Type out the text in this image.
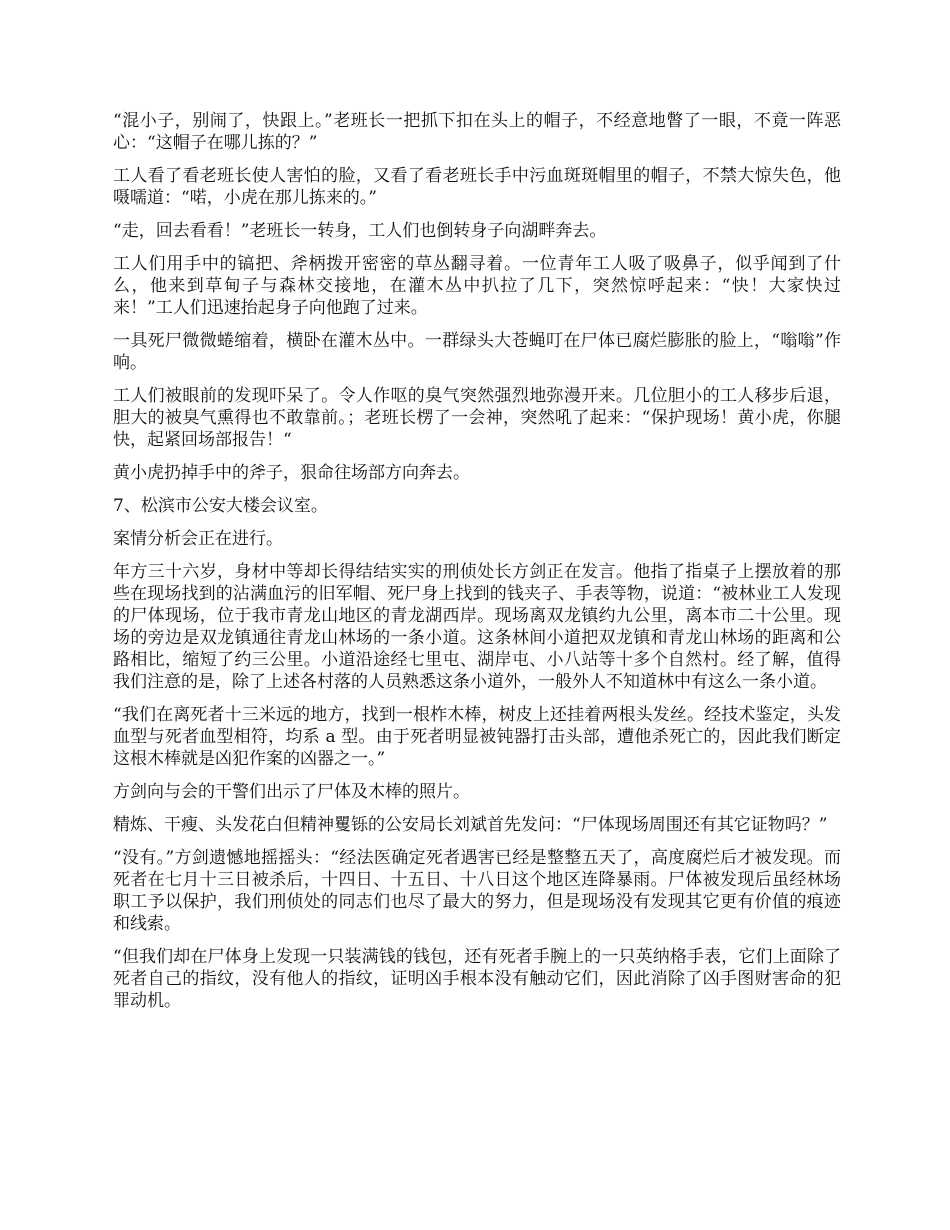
“混小子，别闹了，快跟上。”老班长一把抓下扣在头上的帽子，不经意地瞥了一眼，不竟一阵恶心：“这帽子在哪儿拣的？”

工人看了看老班长使人害怕的脸，又看了看老班长手中污血斑斑帽里的帽子，不禁大惊失色，他嗫嚅道：“喏，小虎在那儿拣来的。”

“走，回去看看！”老班长一转身，工人们也倒转身子向湖畔奔去。

工人们用手中的镐把、斧柄拨开密密的草丛翻寻着。一位青年工人吸了吸鼻子，似乎闻到了什么，他来到草甸子与森林交接地，在灌木丛中扒拉了几下，突然惊呼起来：“快！大家快过来！”工人们迅速抬起身子向他跑了过来。

一具死尸微微蜷缩着，横卧在灌木丛中。一群绿头大苍蝇叮在尸体已腐烂膨胀的脸上，“嗡嗡”作响。

工人们被眼前的发现吓呆了。令人作呕的臭气突然强烈地弥漫开来。几位胆小的工人移步后退，胆大的被臭气熏得也不敢靠前。；老班长楞了一会神，突然吼了起来：“保护现场！黄小虎，你腿快，起紧回场部报告！“

黄小虎扔掉手中的斧子，狠命往场部方向奔去。

7、松滨市公安大楼会议室。

案情分析会正在进行。

年方三十六岁，身材中等却长得结结实实的刑侦处长方剑正在发言。他指了指桌子上摆放着的那些在现场找到的沾满血污的旧军帽、死尸身上找到的钱夹子、手表等物，说道：“被林业工人发现的尸体现场，位于我市青龙山地区的青龙湖西岸。现场离双龙镇约九公里，离本市二十公里。现场的旁边是双龙镇通往青龙山林场的一条小道。这条林间小道把双龙镇和青龙山林场的距离和公路相比，缩短了约三公里。小道沿途经七里屯、湖岸屯、小八站等十多个自然村。经了解，值得我们注意的是，除了上述各村落的人员熟悉这条小道外，一般外人不知道林中有这么一条小道。

“我们在离死者十三米远的地方，找到一根柞木棒，树皮上还挂着两根头发丝。经技术鉴定，头发血型与死者血型相符，均系 a 型。由于死者明显被钝器打击头部，遭他杀死亡的，因此我们断定这根木棒就是凶犯作案的凶器之一。”

方剑向与会的干警们出示了尸体及木棒的照片。

精炼、干瘦、头发花白但精神矍铄的公安局长刘斌首先发问：“尸体现场周围还有其它证物吗？”

“没有。”方剑遗憾地摇摇头：“经法医确定死者遇害已经是整整五天了，高度腐烂后才被发现。而死者在七月十三日被杀后，十四日、十五日、十八日这个地区连降暴雨。尸体被发现后虽经林场职工予以保护，我们刑侦处的同志们也尽了最大的努力，但是现场没有发现其它更有价值的痕迹和线索。

“但我们却在尸体身上发现一只装满钱的钱包，还有死者手腕上的一只英纳格手表，它们上面除了死者自己的指纹，没有他人的指纹，证明凶手根本没有触动它们，因此消除了凶手图财害命的犯罪动机。
